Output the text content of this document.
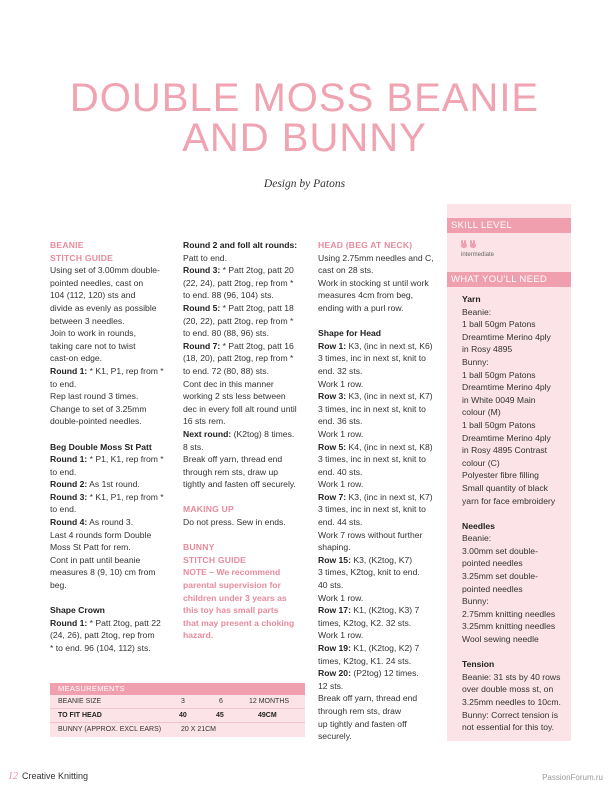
DOUBLE MOSS BEANIE
AND BUNNY
Design by Patons

BEANIE

STITCH GUIDE

Using set of 3.00mm double-

pointed needles, cast on

104 (112, 120) sts and

divide as evenly as possible

between 3 needles.

Join to work in rounds,

taking care not to twist

cast-on edge.

Round 1: * K1, P1, rep from *

to end.

Rep last round 3 times.

Change to set of 3.25mm

double-pointed needles.

Beg Double Moss St Patt

Round 1: * P1, K1, rep from *

to end.

Round 2: As 1st round.

Round 3: * K1, P1, rep from *

to end.

Round 4: As round 3.

Last 4 rounds form Double

Moss St Patt for rem.

Cont in patt until beanie

measures 8 (9, 10) cm from

beg.

Shape Crown

Round 1: * Patt 2tog, patt 22

(24, 26), patt 2tog, rep from

* to end. 96 (104, 112) sts.

Round 2 and foll alt rounds:

Patt to end.

Round 3: * Patt 2tog, patt 20

(22, 24), patt 2tog, rep from *

to end. 88 (96, 104) sts.

Round 5: * Patt 2tog, patt 18

(20, 22), patt 2tog, rep from *

to end. 80 (88, 96) sts.

Round 7: * Patt 2tog, patt 16

(18, 20), patt 2tog, rep from *

to end. 72 (80, 88) sts.

Cont dec in this manner

working 2 sts less between

dec in every foll alt round until

16 sts rem.

Next round: (K2tog) 8 times.

8 sts.

Break off yarn, thread end

through rem sts, draw up

tightly and fasten off securely.

MAKING UP

Do not press. Sew in ends.

BUNNY

STITCH GUIDE

NOTE – We recommend

parental supervision for

children under 3 years as

this toy has small parts

that may present a choking

hazard.

HEAD (BEG AT NECK)

Using 2.75mm needles and C,

cast on 28 sts.

Work in stocking st until work

measures 4cm from beg,

ending with a purl row.

Shape for Head

Row 1: K3, (inc in next st, K6)

3 times, inc in next st, knit to

end. 32 sts.

Work 1 row.

Row 3: K3, (inc in next st, K7)

3 times, inc in next st, knit to

end. 36 sts.

Work 1 row.

Row 5: K4, (inc in next st, K8)

3 times, inc in next st, knit to

end. 40 sts.

Work 1 row.

Row 7: K3, (inc in next st, K7)

3 times, inc in next st, knit to

end. 44 sts.

Work 7 rows without further

shaping.

Row 15: K3, (K2tog, K7)

3 times, K2tog, knit to end.

40 sts.

Work 1 row.

Row 17: K1, (K2tog, K3) 7

times, K2tog, K2. 32 sts.

Work 1 row.

Row 19: K1, (K2tog, K2) 7

times, K2tog, K1. 24 sts.

Row 20: (P2tog) 12 times.

12 sts.

Break off yarn, thread end

through rem sts, draw

up tightly and fasten off

securely.

SKILL LEVEL
intermediate
WHAT YOU'LL NEED

Yarn

Beanie:

1 ball 50gm Patons

Dreamtime Merino 4ply

in Rosy 4895

Bunny:

1 ball 50gm Patons

Dreamtime Merino 4ply

in White 0049 Main

colour (M)

1 ball 50gm Patons

Dreamtime Merino 4ply

in Rosy 4895 Contrast

colour (C)

Polyester fibre filling

Small quantity of black

yarn for face embroidery

Needles

Beanie:

3.00mm set double-

pointed needles

3.25mm set double-

pointed needles

Bunny:

2.75mm knitting needles

3.25mm knitting needles

Wool sewing needle

Tension

Beanie: 31 sts by 40 rows

over double moss st, on

3.25mm needles to 10cm.

Bunny: Correct tension is

not essential for this toy.

MEASUREMENTS
BEANIE SIZE	3	6	12 MONTHS
TO FIT HEAD	40	45	49CM
BUNNY (APPROX. EXCL EARS)	20 X 21CM
12 Creative Knitting	PassionForum.ru
